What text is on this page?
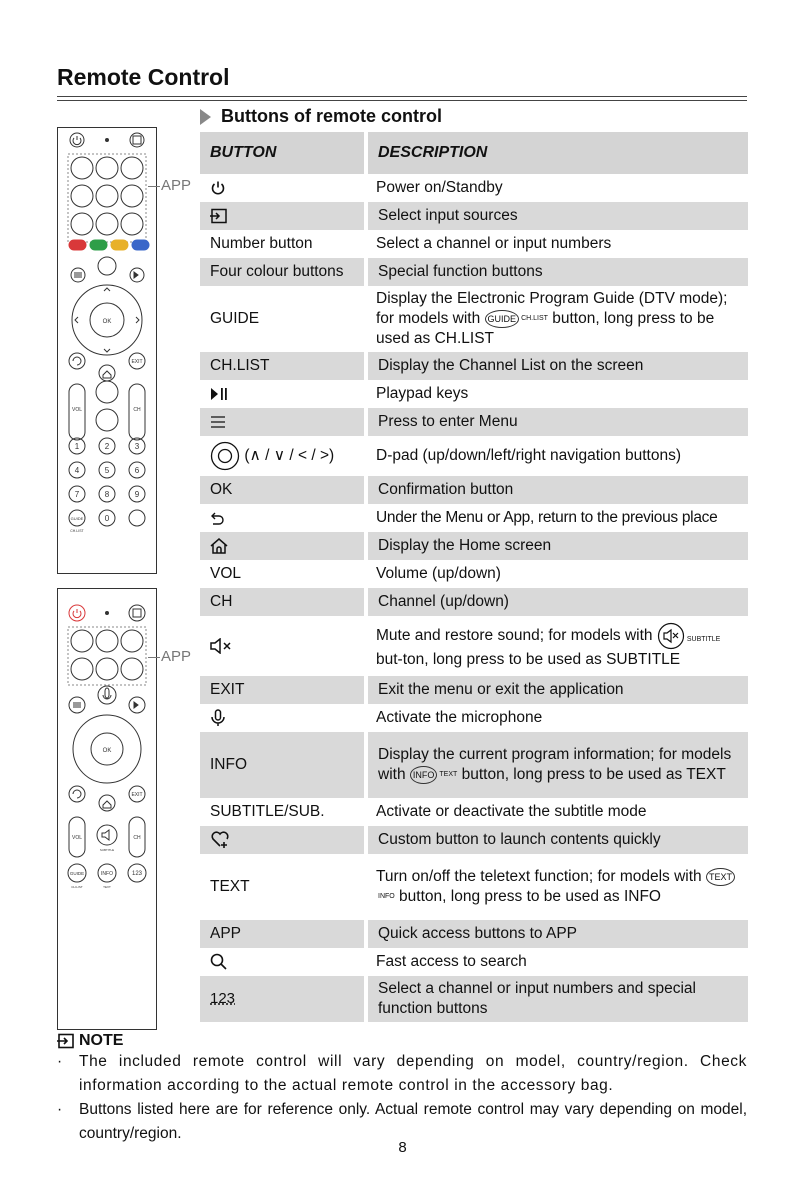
Remote Control
Buttons of remote control
OK
EXIT
VOL	CH
1	2	3
4	5	6
7	8	9
0
GUIDE
CH.LIST
APP
OK
EXIT
VOL	CH
SUBTITLE
GUIDE	INFO	123
CH.LIST	TEXT
APP
BUTTON	DESCRIPTION
	Power on/Standby
	Select input sources
Number button	Select a channel or input numbers
Four colour buttons	Special function buttons
GUIDE	Display the Electronic Program Guide (DTV mode); for models with GUIDE CH.LIST button, long press to be used as CH.LIST
CH.LIST	Display the Channel List on the screen
	Playpad keys
	Press to enter Menu
(∧ / ∨ / < / >)	D-pad (up/down/left/right navigation buttons)
OK	Confirmation button
	Under the Menu or App, return to the previous place
	Display the Home screen
VOL	Volume (up/down)
CH	Channel (up/down)
	Mute and restore sound; for models with SUBTITLE but-ton, long press to be used as SUBTITLE
EXIT	Exit the menu or exit the application
	Activate the microphone
INFO	Display the current program information; for models with INFO TEXT button, long press to be used as TEXT
SUBTITLE/SUB.	Activate or deactivate the subtitle mode
	Custom button to launch contents quickly
TEXT	Turn on/off the teletext function; for models with TEXTINFO button, long press to be used as INFO
APP	Quick access buttons to APP
	Fast access to search
123	Select a channel or input numbers and special function buttons
NOTE
· The included remote control will vary depending on model, country/region. Check information according to the actual remote control in the accessory bag.
· Buttons listed here are for reference only. Actual remote control may vary depending on model, country/region.
8
